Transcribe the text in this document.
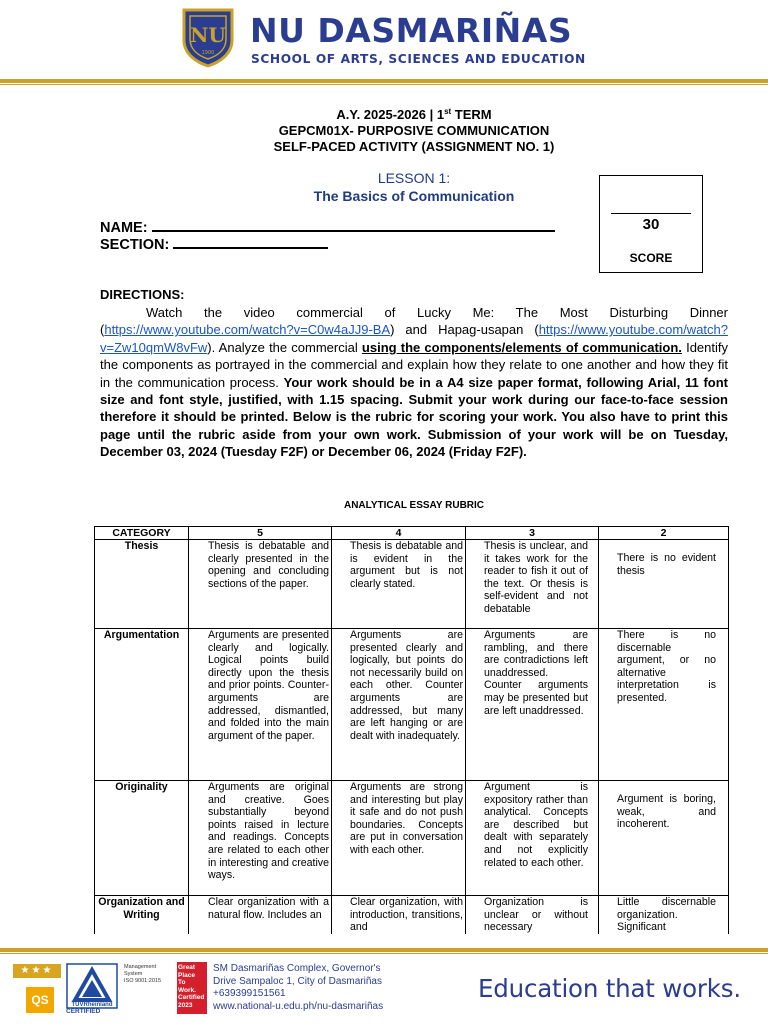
NU
1900
NU DASMARIÑAS
SCHOOL OF ARTS, SCIENCES AND EDUCATION
A.Y. 2025-2026 | 1st TERM
GEPCM01X- PURPOSIVE COMMUNICATION
SELF-PACED ACTIVITY (ASSIGNMENT NO. 1)
LESSON 1:
The Basics of Communication
NAME:
SECTION:
30
SCORE
DIRECTIONS:
Watch the video commercial of Lucky Me: The Most Disturbing Dinner (https://www.youtube.com/watch?v=C0w4aJJ9-BA) and Hapag-usapan (https://www.youtube.com/watch?v=Zw10qmW8vFw). Analyze the commercial using the components/elements of communication. Identify the components as portrayed in the commercial and explain how they relate to one another and how they fit in the communication process. Your work should be in a A4 size paper format, following Arial, 11 font size and font style, justified, with 1.15 spacing. Submit your work during our face-to-face session therefore it should be printed. Below is the rubric for scoring your work. You also have to print this page until the rubric aside from your own work. Submission of your work will be on Tuesday, December 03, 2024 (Tuesday F2F) or December 06, 2024 (Friday F2F).
ANALYTICAL ESSAY RUBRIC
CATEGORY	5	4	3	2
Thesis	Thesis is debatable and clearly presented in the opening and concluding sections of the paper.	Thesis is debatable and is evident in the argument but is not clearly stated.	Thesis is unclear, and it takes work for the reader to fish it out of the text. Or thesis is self-evident and not debatable	There is no evident thesis
Argumentation	Arguments are presented clearly and logically. Logical points build directly upon the thesis and prior points. Counter-arguments are addressed, dismantled, and folded into the main argument of the paper.	Arguments are presented clearly and logically, but points do not necessarily build on each other. Counter arguments are addressed, but many are left hanging or are dealt with inadequately.	Arguments are rambling, and there are contradictions left unaddressed. Counter arguments may be presented but are left unaddressed.	There is no discernable argument, or no alternative interpretation is presented.
Originality	Arguments are original and creative. Goes substantially beyond points raised in lecture and readings. Concepts are related to each other in interesting and creative ways.	Arguments are strong and interesting but play it safe and do not push boundaries. Concepts are put in conversation with each other.	Argument is expository rather than analytical. Concepts are described but dealt with separately and not explicitly related to each other.	Argument is boring, weak, and incoherent.
Organization and Writing	Clear organization with a natural flow. Includes an	Clear organization, with introduction, transitions, and	Organization is unclear or without necessary	Little discernable organization. Significant
★★★
QS	TÜVRheinland
CERTIFIED
Management
System
ISO 9001:2015
Great
Place
To
Work.
Certified
2023
SM Dasmariñas Complex, Governor's
Drive Sampaloc 1, City of Dasmariñas
+639399151561
www.national-u.edu.ph/nu-dasmariñas
Education that works.
